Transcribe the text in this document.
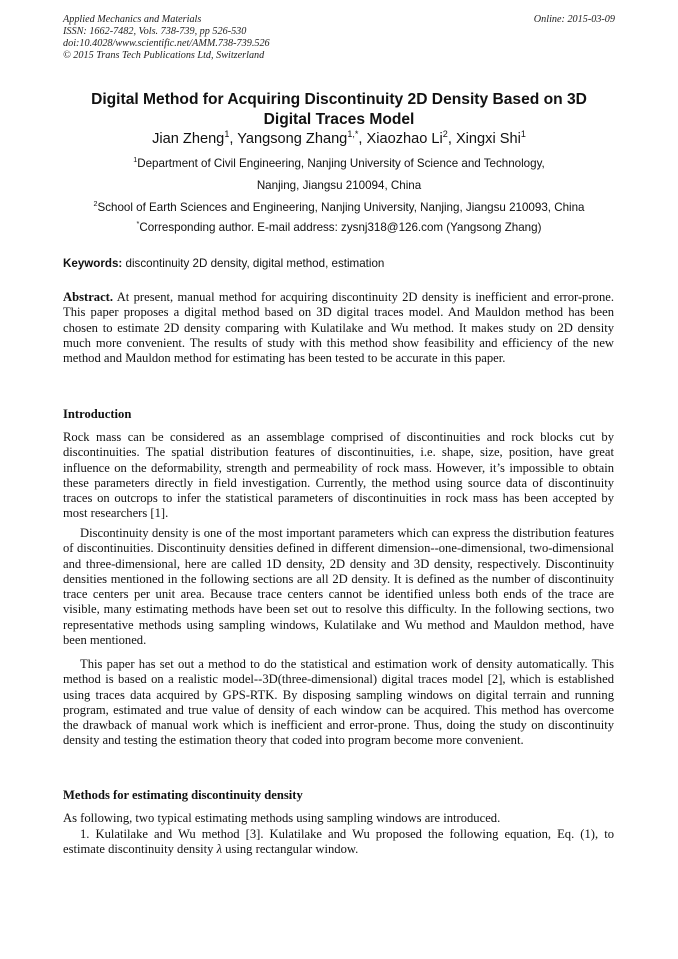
Applied Mechanics and Materials
ISSN: 1662-7482, Vols. 738-739, pp 526-530
doi:10.4028/www.scientific.net/AMM.738-739.526
© 2015 Trans Tech Publications Ltd, Switzerland
Online: 2015-03-09
Digital Method for Acquiring Discontinuity 2D Density Based on 3D
Digital Traces Model
Jian Zheng$^1$, Yangsong Zhang$^{1,*}$, Xiaozhao Li$^2$, Xingxi Shi$^1$
$^1$Department of Civil Engineering, Nanjing University of Science and Technology,
Nanjing, Jiangsu 210094, China
$^2$School of Earth Sciences and Engineering, Nanjing University, Nanjing, Jiangsu 210093, China
*Corresponding author. E-mail address: zysnj318@126.com (Yangsong Zhang)
Keywords: discontinuity 2D density, digital method, estimation

Abstract. At present, manual method for acquiring discontinuity 2D density is inefficient and error-prone. This paper proposes a digital method based on 3D digital traces model. And Mauldon method has been chosen to estimate 2D density comparing with Kulatilake and Wu method. It makes study on 2D density much more convenient. The results of study with this method show feasibility and efficiency of the new method and Mauldon method for estimating has been tested to be accurate in this paper.

Introduction

Rock mass can be considered as an assemblage comprised of discontinuities and rock blocks cut by discontinuities. The spatial distribution features of discontinuities, i.e. shape, size, position, have great influence on the deformability, strength and permeability of rock mass. However, it’s impossible to obtain these parameters directly in field investigation. Currently, the method using source data of discontinuity traces on outcrops to infer the statistical parameters of discontinuities in rock mass has been accepted by most researchers [1].

Discontinuity density is one of the most important parameters which can express the distribution features of discontinuities. Discontinuity densities defined in different dimension--one-dimensional, two-dimensional and three-dimensional, here are called 1D density, 2D density and 3D density, respectively. Discontinuity densities mentioned in the following sections are all 2D density. It is defined as the number of discontinuity trace centers per unit area. Because trace centers cannot be identified unless both ends of the trace are visible, many estimating methods have been set out to resolve this difficulty. In the following sections, two representative methods using sampling windows, Kulatilake and Wu method and Mauldon method, have been mentioned.

This paper has set out a method to do the statistical and estimation work of density automatically. This method is based on a realistic model--3D(three-dimensional) digital traces model [2], which is established using traces data acquired by GPS-RTK. By disposing sampling windows on digital terrain and running program, estimated and true value of density of each window can be acquired. This method has overcome the drawback of manual work which is inefficient and error-prone. Thus, doing the study on discontinuity density and testing the estimation theory that coded into program become more convenient.

Methods for estimating discontinuity density

As following, two typical estimating methods using sampling windows are introduced.

1. Kulatilake and Wu method [3]. Kulatilake and Wu proposed the following equation, Eq. (1), to estimate discontinuity density λ using rectangular window.
